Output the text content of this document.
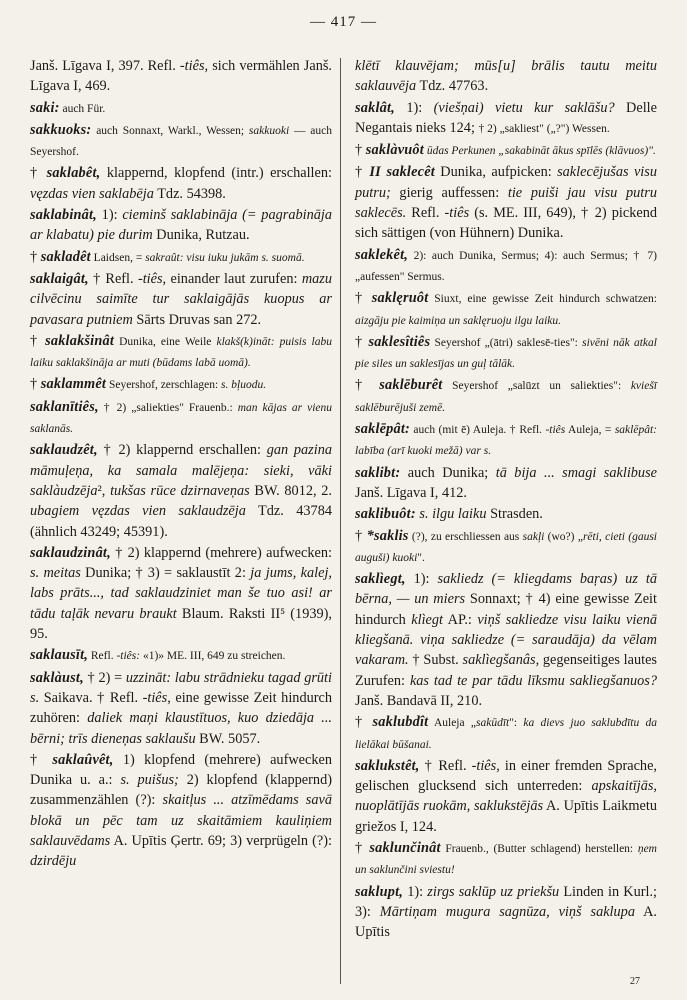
— 417 —

Janš. Līgava I, 397. Refl. -tiês, sich vermählen Janš. Līgava I, 469.

saki: auch Für.

sakkuoks: auch Sonnaxt, Warkl., Wessen; sakkuoki — auch Seyershof.

† saklabêt, klappernd, klopfend (intr.) erschallen: vęzdas vien saklabēja Tdz. 54398.

saklabinât, 1): cieminš saklabināja (= pagrabināja ar klabatu) pie durim Dunika, Rutzau.

† sakladêt Laidsen, = sakraût: visu iuku jukām s. suomā.

saklaigât, † Refl. -tiês, einander laut zurufen: mazu cilvēcinu saimīte tur saklaigājās kuopus ar pavasara putniem Sārts Druvas san 272.

† saklakšinât Dunika, eine Weile klakš(k)ināt: puisis labu laiku saklakšināja ar muti (būdams labā uomā).

† saklammêt Seyershof, zerschlagen: s. bļuodu.

saklanītiês, † 2) „saliekties" Frauenb.: man kājas ar vienu saklanās.

saklaudzêt, † 2) klappernd erschallen: gan pazina māmuļeņa, ka samala malējeņa: sieki, vāki saklàudzēja², tukšas rūce dzirnaveņas BW. 8012, 2. ubagiem vęzdas vien saklaudzēja Tdz. 43784 (ähnlich 43249; 45391).

saklaudzinât, † 2) klappernd (mehrere) aufwecken: s. meitas Dunika; † 3) = saklaustīt 2: ja jums, kalej, labs prāts..., tad saklaudziniet man še tuo asi! ar tādu taļāk nevaru braukt Blaum. Raksti II⁵ (1939), 95.

saklausīt, Refl. -tiês: «1)» ME. III, 649 zu streichen.

saklàust, † 2) = uzzināt: labu strādnieku tagad grūti s. Saikava. † Refl. -tiês, eine gewisse Zeit hindurch zuhören: daliek maņi klaustītuos, kuo dziedāja ... bērni; trīs dieneņas saklaušu BW. 5057.

† saklaûvêt, 1) klopfend (mehrere) aufwecken Dunika u. a.: s. puišus; 2) klopfend (klappernd) zusammenzählen (?): skaitļus ... atzīmēdams savā blokā un pēc tam uz skaitāmiem kauliņiem saklauvēdams A. Upītis Ģertr. 69; 3) verprügeln (?): dzirdēju

klētī klauvējam; mūs[u] brālis tautu meitu saklauvēja Tdz. 47763.

saklât, 1): (viešņai) vietu kur saklāšu? Delle Negantais nieks 124; † 2) „sakliest" („?") Wessen.

† saklàvuôt ūdas Perkunen „sakabināt ākus spīlēs (klāvuos)".

† II saklecêt Dunika, aufpicken: saklecējušas visu putru; gierig auffessen: tie puiši jau visu putru saklecēs. Refl. -tiês (s. ME. III, 649), † 2) pickend sich sättigen (von Hühnern) Dunika.

saklekêt, 2): auch Dunika, Sermus; 4): auch Sermus; † 7) „aufessen" Sermus.

† saklęruôt Siuxt, eine gewisse Zeit hindurch schwatzen: aizgāju pie kaimiņa un saklęruoju ilgu laiku.

† saklesîtiês Seyershof „(ātri) saklesē-ties": sivēni nāk atkal pie siles un saklesījas un guļ tālāk.

† saklēburêt Seyershof „salūzt un saliekties": kviešī saklēburējuši zemē.

saklēpât: auch (mit ē) Auleja. † Refl. -tiês Auleja, = saklēpât: labība (arī kuoki mežā) var s.

saklibt: auch Dunika; tā bija ... smagi saklibuse Janš. Līgava I, 412.

saklibuôt: s. ilgu laiku Strasden.

† *saklis (?), zu erschliessen aus sakļi (wo?) „rēti, cieti (gausi auguši) kuoki".

saklìegt, 1): sakliedz (= kliegdams baŗas) uz tā bērna, — un miers Sonnaxt; † 4) eine gewisse Zeit hindurch klìegt AP.: viņš sakliedze visu laiku vienā kliegšanā. viņa sakliedze (= saraudāja) da vēlam vakaram. † Subst. saklìegšanâs, gegenseitiges lautes Zurufen: kas tad te par tādu līksmu sakliegšanuos? Janš. Bandavā II, 210.

† saklubdît Auleja „sakūdīt": ka dievs juo saklubdītu da lielākai būšanai.

saklukstêt, † Refl. -tiês, in einer fremden Sprache, gelischen glucksend sich unterreden: apskaitījās, nuoplātījās ruokām, saklukstējās A. Upītis Laikmetu griežos I, 124.

† saklunčinât Frauenb., (Butter schlagend) herstellen: ņem un saklunčini sviestu!

saklupt, 1): zirgs saklūp uz priekšu Linden in Kurl.; 3): Mārtiņam mugura sagnūza, viņš saklupa A. Upītis

27
